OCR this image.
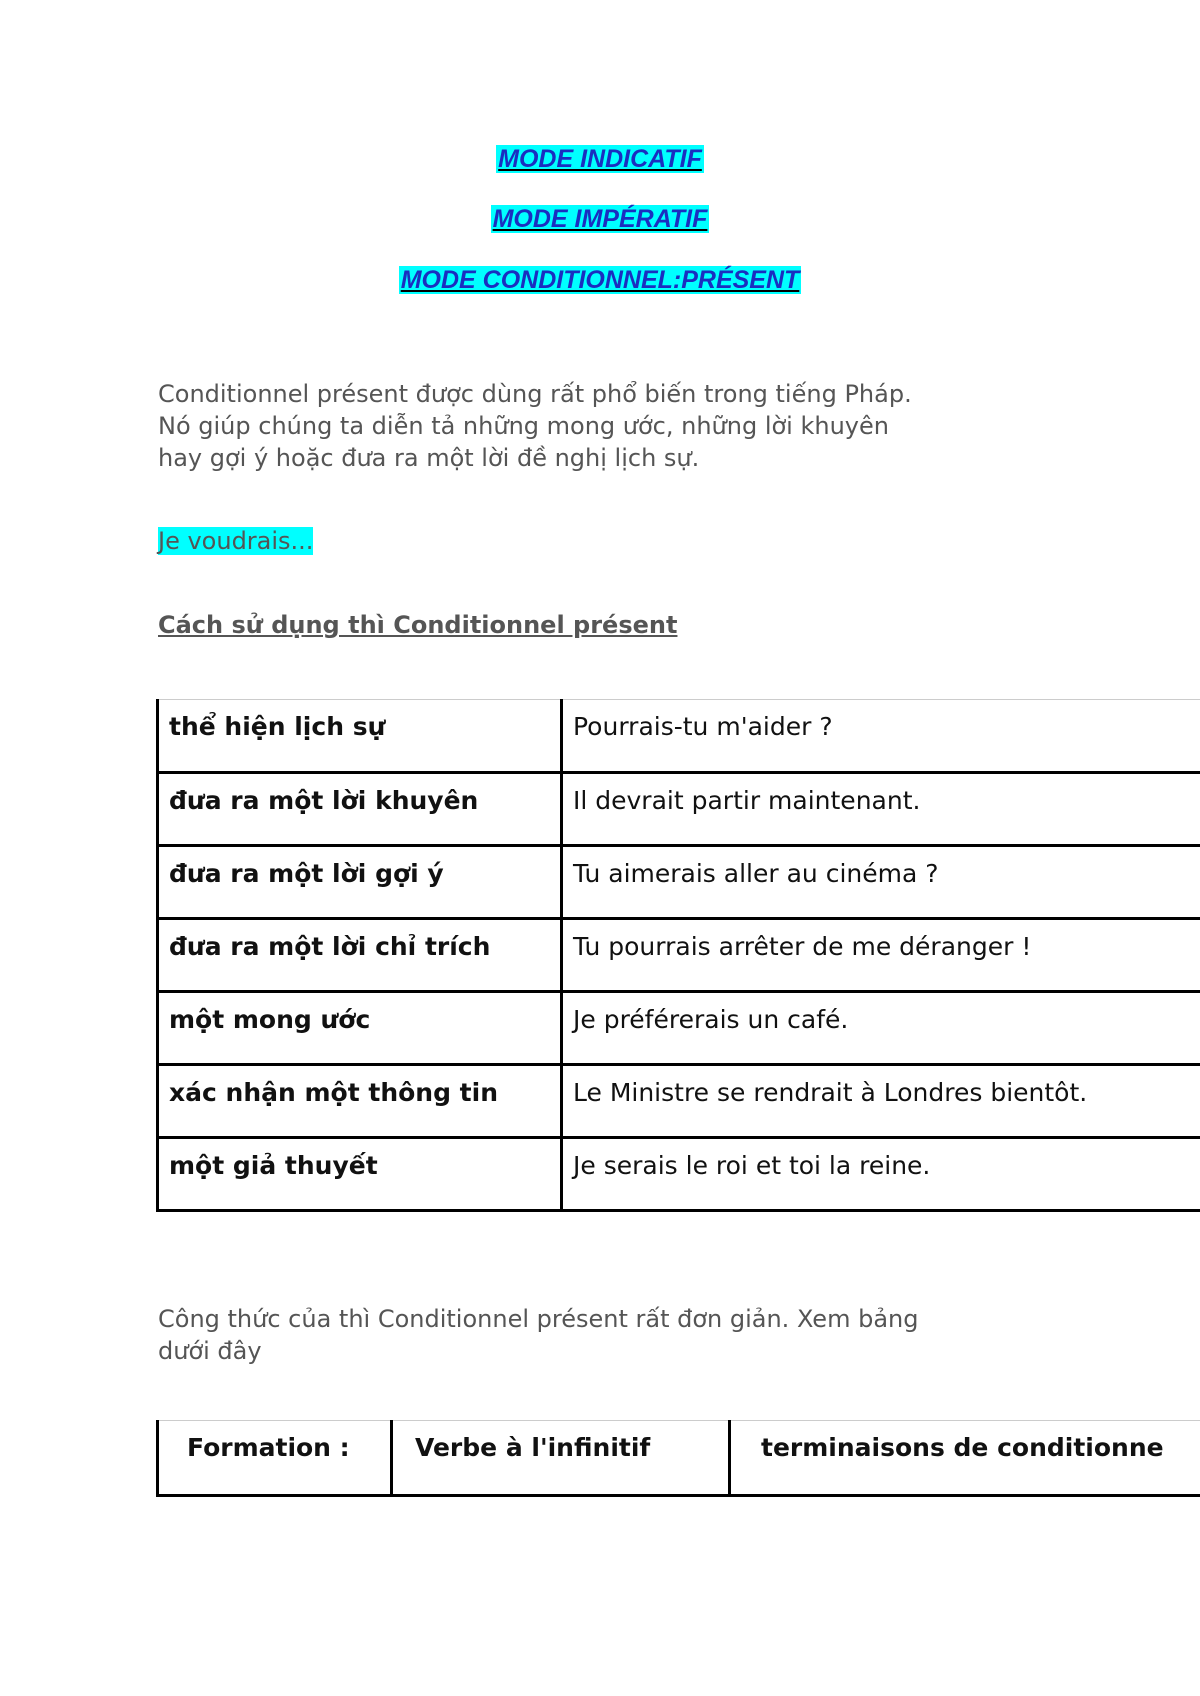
MODE INDICATIF
MODE IMPÉRATIF
MODE CONDITIONNEL:PRÉSENT
Conditionnel présent được dùng rất phổ biến trong tiếng Pháp.
Nó giúp chúng ta diễn tả những mong ước, những lời khuyên
hay gợi ý hoặc đưa ra một lời đề nghị lịch sự.
Je voudrais...
Cách sử dụng thì Conditionnel présent
thể hiện lịch sự	Pourrais-tu m'aider ?
đưa ra một lời khuyên	Il devrait partir maintenant.
đưa ra một lời gợi ý	Tu aimerais aller au cinéma ?
đưa ra một lời chỉ trích	Tu pourrais arrêter de me déranger !
một mong ước	Je préférerais un café.
xác nhận một thông tin	Le Ministre se rendrait à Londres bientôt.
một giả thuyết	Je serais le roi et toi la reine.
Công thức của thì Conditionnel présent rất đơn giản. Xem bảng
dưới đây
Formation :	Verbe à l'infinitif	terminaisons de conditionne
